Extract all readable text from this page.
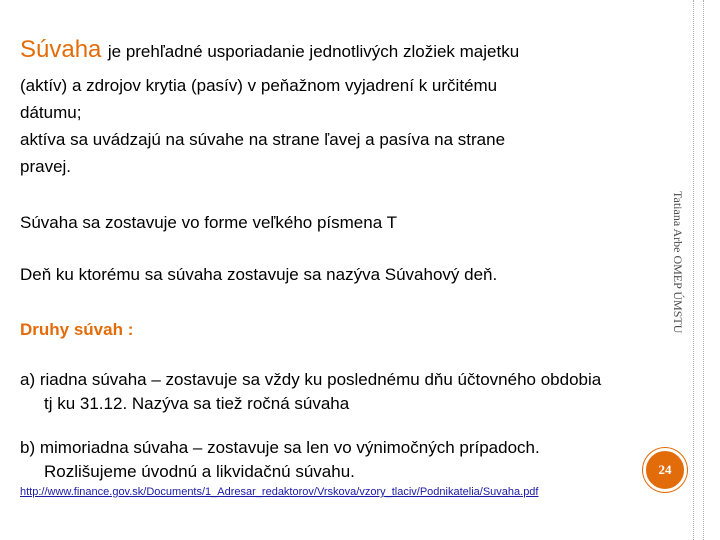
Súvaha je prehľadné usporiadanie jednotlivých zložiek majetku
(aktív) a zdrojov krytia (pasív) v peňažnom vyjadrení k určitému
dátumu;
aktíva sa uvádzajú na súvahe na strane ľavej a pasíva na strane
pravej.
Súvaha sa zostavuje vo forme veľkého písmena T
Deň ku ktorému sa súvaha zostavuje sa nazýva Súvahový deň.
Druhy súvah :
a) riadna súvaha – zostavuje sa vždy ku poslednému dňu účtovného obdobia
tj ku 31.12. Nazýva sa tiež ročná súvaha
b) mimoriadna súvaha – zostavuje sa len vo výnimočných prípadoch.
Rozlišujeme úvodnú a likvidačnú súvahu.
http://www.finance.gov.sk/Documents/1_Adresar_redaktorov/Vrskova/vzory_tlaciv/Podnikatelia/Suvaha.pdf
Tatiana Arbe OMEP ÚMSTU
24
